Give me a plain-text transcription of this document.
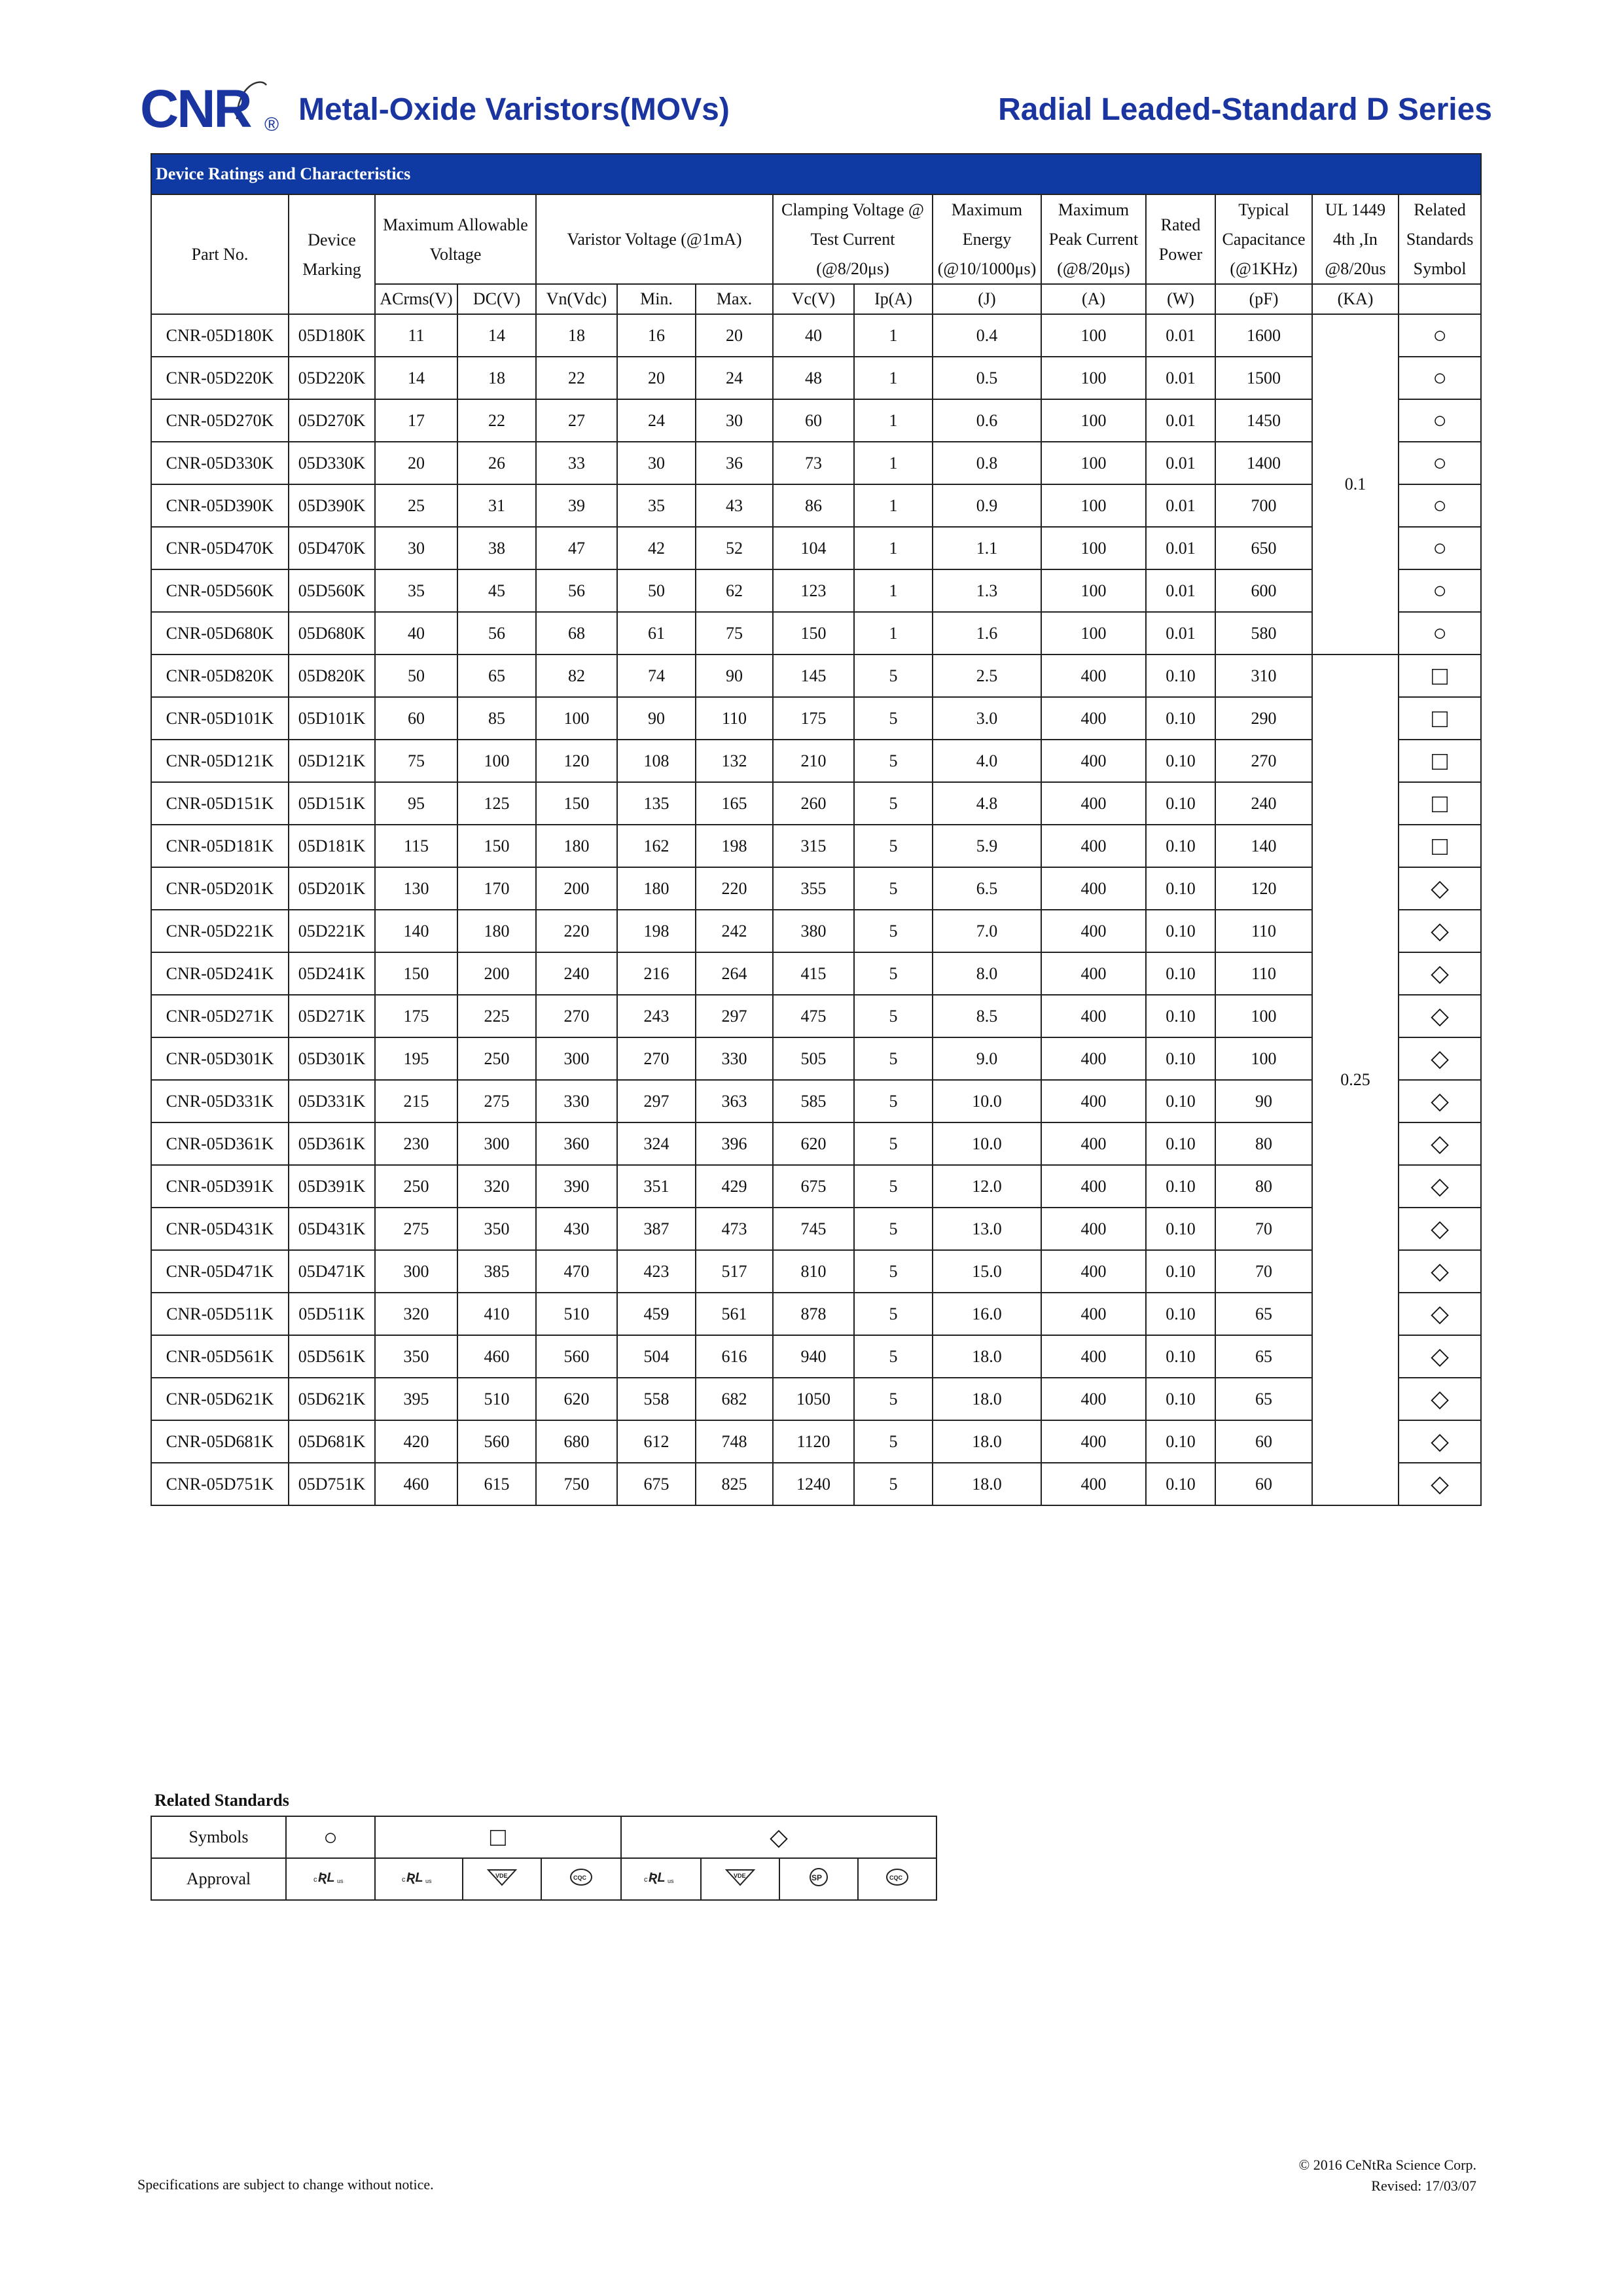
CNR ® Metal-Oxide Varistors(MOVs)	Radial Leaded-Standard D Series
Device Ratings and Characteristics														
Part No.	Device Marking	Maximum Allowable Voltage		Varistor Voltage (@1mA)			Clamping Voltage @ Test Current (@8/20μs)		Maximum Energy (@10/1000μs)	Maximum Peak Current (@8/20μs)	Rated Power	Typical Capacitance (@1KHz)	UL 1449 4th ,In @8/20us	Related Standards Symbol
		ACrms(V)	DC(V)	Vn(Vdc)	Min.	Max.	Vc(V)	Ip(A)	(J)	(A)	(W)	(pF)	(KA)	
CNR-05D180K	05D180K	11	14	18	16	20	40	1	0.4	100	0.01	1600	0.1	○
CNR-05D220K	05D220K	14	18	22	20	24	48	1	0.5	100	0.01	1500		○
CNR-05D270K	05D270K	17	22	27	24	30	60	1	0.6	100	0.01	1450		○
CNR-05D330K	05D330K	20	26	33	30	36	73	1	0.8	100	0.01	1400		○
CNR-05D390K	05D390K	25	31	39	35	43	86	1	0.9	100	0.01	700		○
CNR-05D470K	05D470K	30	38	47	42	52	104	1	1.1	100	0.01	650		○
CNR-05D560K	05D560K	35	45	56	50	62	123	1	1.3	100	0.01	600		○
CNR-05D680K	05D680K	40	56	68	61	75	150	1	1.6	100	0.01	580		○
CNR-05D820K	05D820K	50	65	82	74	90	145	5	2.5	400	0.10	310	0.25	□
CNR-05D101K	05D101K	60	85	100	90	110	175	5	3.0	400	0.10	290		□
CNR-05D121K	05D121K	75	100	120	108	132	210	5	4.0	400	0.10	270		□
CNR-05D151K	05D151K	95	125	150	135	165	260	5	4.8	400	0.10	240		□
CNR-05D181K	05D181K	115	150	180	162	198	315	5	5.9	400	0.10	140		□
CNR-05D201K	05D201K	130	170	200	180	220	355	5	6.5	400	0.10	120		◇
CNR-05D221K	05D221K	140	180	220	198	242	380	5	7.0	400	0.10	110		◇
CNR-05D241K	05D241K	150	200	240	216	264	415	5	8.0	400	0.10	110		◇
CNR-05D271K	05D271K	175	225	270	243	297	475	5	8.5	400	0.10	100		◇
CNR-05D301K	05D301K	195	250	300	270	330	505	5	9.0	400	0.10	100		◇
CNR-05D331K	05D331K	215	275	330	297	363	585	5	10.0	400	0.10	90		◇
CNR-05D361K	05D361K	230	300	360	324	396	620	5	10.0	400	0.10	80		◇
CNR-05D391K	05D391K	250	320	390	351	429	675	5	12.0	400	0.10	80		◇
CNR-05D431K	05D431K	275	350	430	387	473	745	5	13.0	400	0.10	70		◇
CNR-05D471K	05D471K	300	385	470	423	517	810	5	15.0	400	0.10	70		◇
CNR-05D511K	05D511K	320	410	510	459	561	878	5	16.0	400	0.10	65		◇
CNR-05D561K	05D561K	350	460	560	504	616	940	5	18.0	400	0.10	65		◇
CNR-05D621K	05D621K	395	510	620	558	682	1050	5	18.0	400	0.10	65		◇
CNR-05D681K	05D681K	420	560	680	612	748	1120	5	18.0	400	0.10	60		◇
CNR-05D751K	05D751K	460	615	750	675	825	1240	5	18.0	400	0.10	60		◇
Related Standards
Symbols	○	□			◇			
Approval	c ƦL us	c ƦL us	VDE	CQC	c ƦL us	VDE	SP	CQC
Specifications are subject to change without notice.
© 2016 CeNtRa Science Corp.
Revised: 17/03/07
